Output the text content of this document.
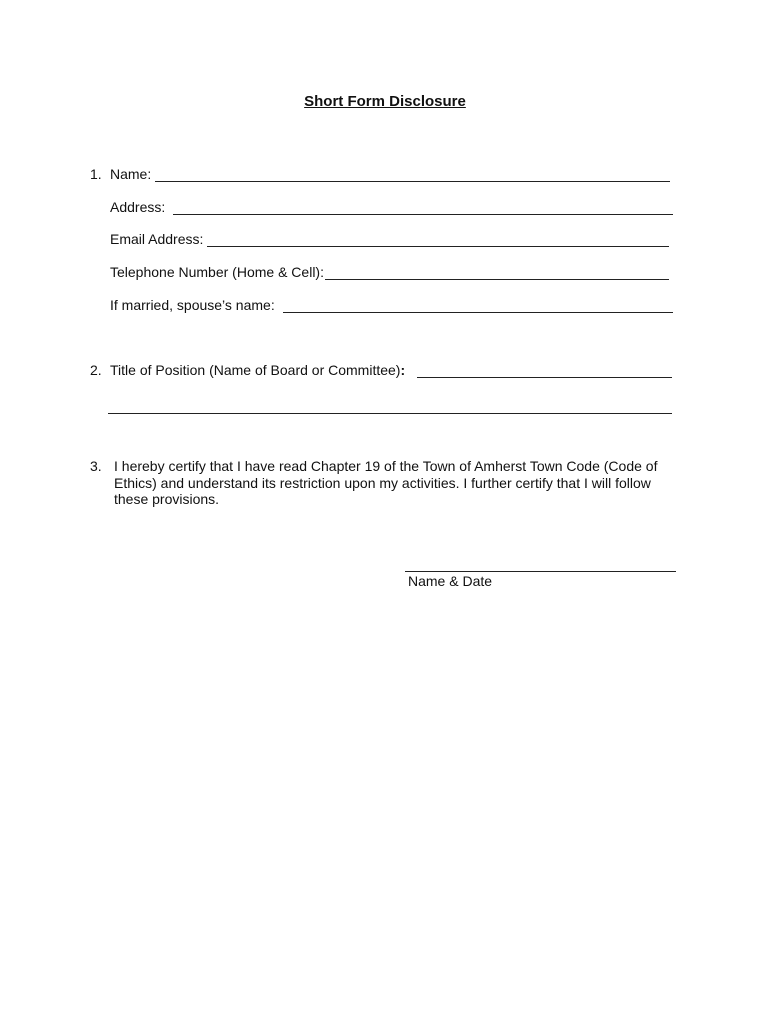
Short Form Disclosure
1. Name:
Address:
Email Address:
Telephone Number (Home & Cell):
If married, spouse’s name:
2. Title of Position (Name of Board or Committee) :
3. I hereby certify that I have read Chapter 19 of the Town of Amherst Town Code (Code of Ethics) and understand its restriction upon my activities. I further certify that I will follow these provisions.
Name & Date
